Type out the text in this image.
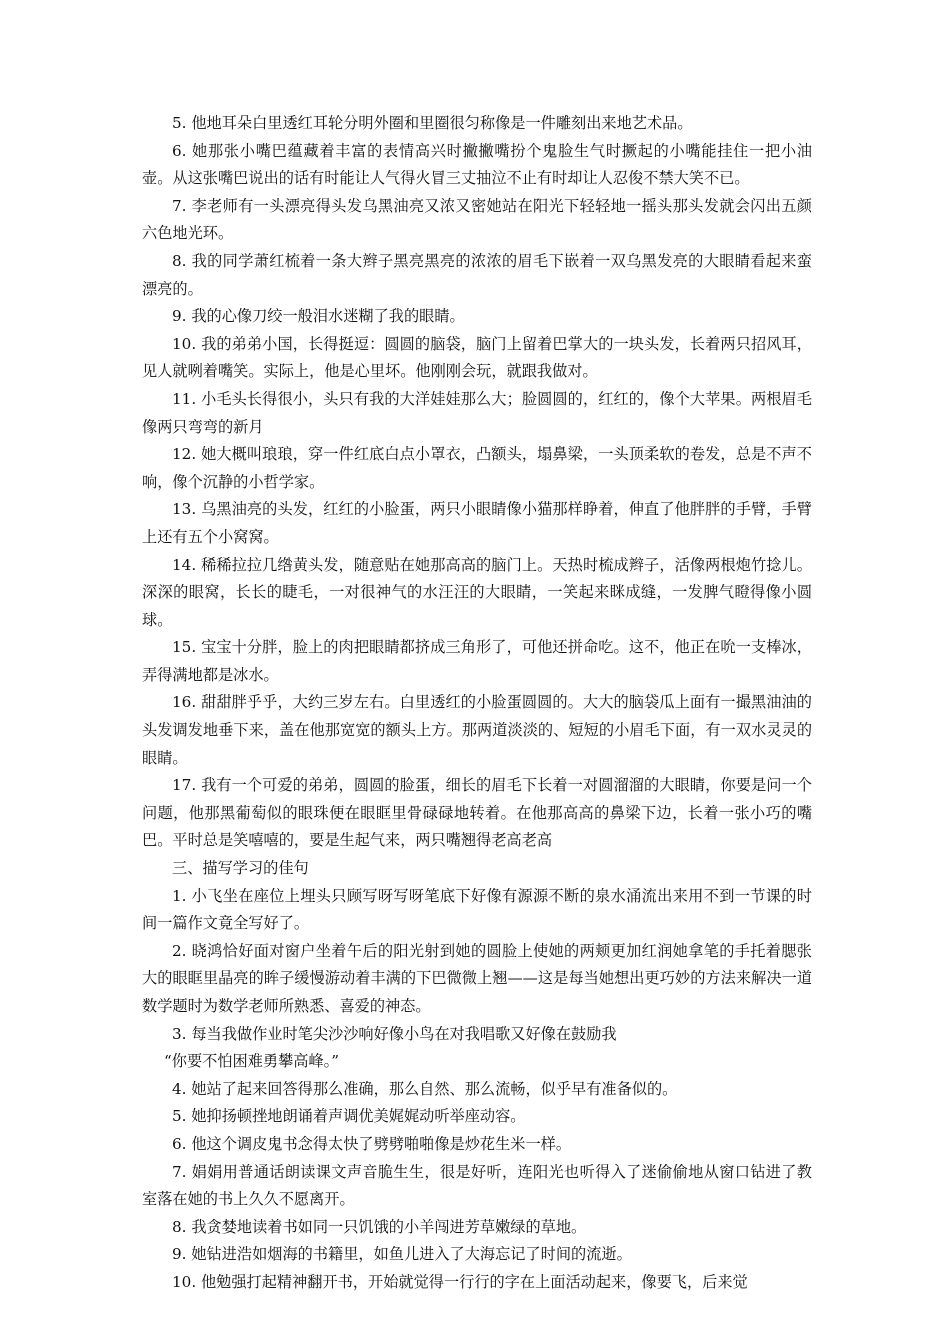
5. 他地耳朵白里透红耳轮分明外圈和里圈很匀称像是一件雕刻出来地艺术品。

6. 她那张小嘴巴蕴藏着丰富的表情高兴时撇撇嘴扮个鬼脸生气时撅起的小嘴能挂住一把小油壶。从这张嘴巴说出的话有时能让人气得火冒三丈抽泣不止有时却让人忍俊不禁大笑不已。

7. 李老师有一头漂亮得头发乌黑油亮又浓又密她站在阳光下轻轻地一摇头那头发就会闪出五颜六色地光环。

8. 我的同学萧红梳着一条大辫子黑亮黑亮的浓浓的眉毛下嵌着一双乌黑发亮的大眼睛看起来蛮漂亮的。

9. 我的心像刀绞一般泪水迷糊了我的眼睛。

10. 我的弟弟小国，长得挺逗：圆圆的脑袋，脑门上留着巴掌大的一块头发，长着两只招风耳，见人就咧着嘴笑。实际上，他是心里坏。他刚刚会玩，就跟我做对。

11. 小毛头长得很小，头只有我的大洋娃娃那么大；脸圆圆的，红红的，像个大苹果。两根眉毛像两只弯弯的新月

12. 她大概叫琅琅，穿一件红底白点小罩衣，凸额头，塌鼻梁，一头顶柔软的卷发，总是不声不响，像个沉静的小哲学家。

13. 乌黑油亮的头发，红红的小脸蛋，两只小眼睛像小猫那样睁着，伸直了他胖胖的手臂，手臂上还有五个小窝窝。

14. 稀稀拉拉几绺黄头发，随意贴在她那高高的脑门上。天热时梳成辫子，活像两根炮竹捻儿。深深的眼窝，长长的睫毛，一对很神气的水汪汪的大眼睛，一笑起来眯成缝，一发脾气瞪得像小圆球。

15. 宝宝十分胖，脸上的肉把眼睛都挤成三角形了，可他还拼命吃。这不，他正在吮一支棒冰，弄得满地都是冰水。

16. 甜甜胖乎乎，大约三岁左右。白里透红的小脸蛋圆圆的。大大的脑袋瓜上面有一撮黑油油的头发调发地垂下来，盖在他那宽宽的额头上方。那两道淡淡的、短短的小眉毛下面，有一双水灵灵的眼睛。

17. 我有一个可爱的弟弟，圆圆的脸蛋，细长的眉毛下长着一对圆溜溜的大眼睛，你要是问一个问题，他那黑葡萄似的眼珠便在眼眶里骨碌碌地转着。在他那高高的鼻梁下边，长着一张小巧的嘴巴。平时总是笑嘻嘻的，要是生起气来，两只嘴翘得老高老高

三、描写学习的佳句

1. 小飞坐在座位上埋头只顾写呀写呀笔底下好像有源源不断的泉水涌流出来用不到一节课的时间一篇作文竟全写好了。

2. 晓鸿恰好面对窗户坐着午后的阳光射到她的圆脸上使她的两颊更加红润她拿笔的手托着腮张大的眼眶里晶亮的眸子缓慢游动着丰满的下巴微微上翘——这是每当她想出更巧妙的方法来解决一道数学题时为数学老师所熟悉、喜爱的神态。

3. 每当我做作业时笔尖沙沙响好像小鸟在对我唱歌又好像在鼓励我

“你要不怕困难勇攀高峰。”

4. 她站了起来回答得那么准确，那么自然、那么流畅，似乎早有准备似的。

5. 她抑扬顿挫地朗诵着声调优美娓娓动听举座动容。

6. 他这个调皮鬼书念得太快了劈劈啪啪像是炒花生米一样。

7. 娟娟用普通话朗读课文声音脆生生，很是好听，连阳光也听得入了迷偷偷地从窗口钻进了教室落在她的书上久久不愿离开。

8. 我贪婪地读着书如同一只饥饿的小羊闯进芳草嫩绿的草地。

9. 她钻进浩如烟海的书籍里，如鱼儿进入了大海忘记了时间的流逝。

10. 他勉强打起精神翻开书，开始就觉得一行行的字在上面活动起来，像要飞，后来觉
